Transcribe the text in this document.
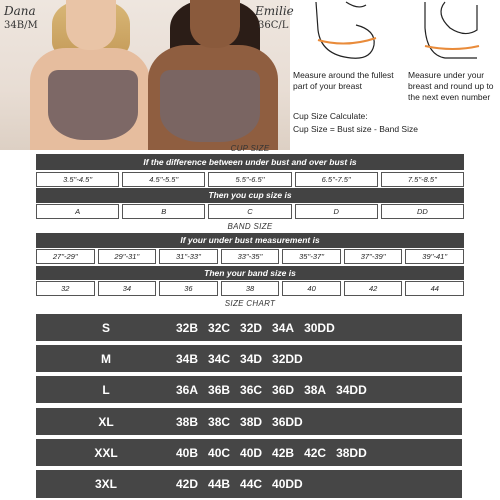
Dana
34B/M
Emilie
36C/L
Measure around the fullest part of your breast
Measure under your breast and round up to the next even number
Cup Size Calculate:
Cup Size = Bust size - Band Size
CUP SIZE
If the difference between under bust and over bust is
3.5''-4.5''	4.5''-5.5''	5.5''-6.5''	6.5''-7.5''	7.5''-8.5''
Then you cup size is
A	B	C	D	DD
BAND SIZE
If your under bust measurement is
27''-29''	29''-31''	31''-33''	33''-35''	35''-37''	37''-39''	39''-41''
Then your band size is
32	34	36	38	40	42	44
SIZE CHART
S	32B 32C 32D 34A 30DD
M	34B 34C 34D 32DD
L	36A 36B 36C 36D 38A 34DD
XL	38B 38C 38D 36DD
XXL	40B 40C 40D 42B 42C 38DD
3XL	42D 44B 44C 40DD
